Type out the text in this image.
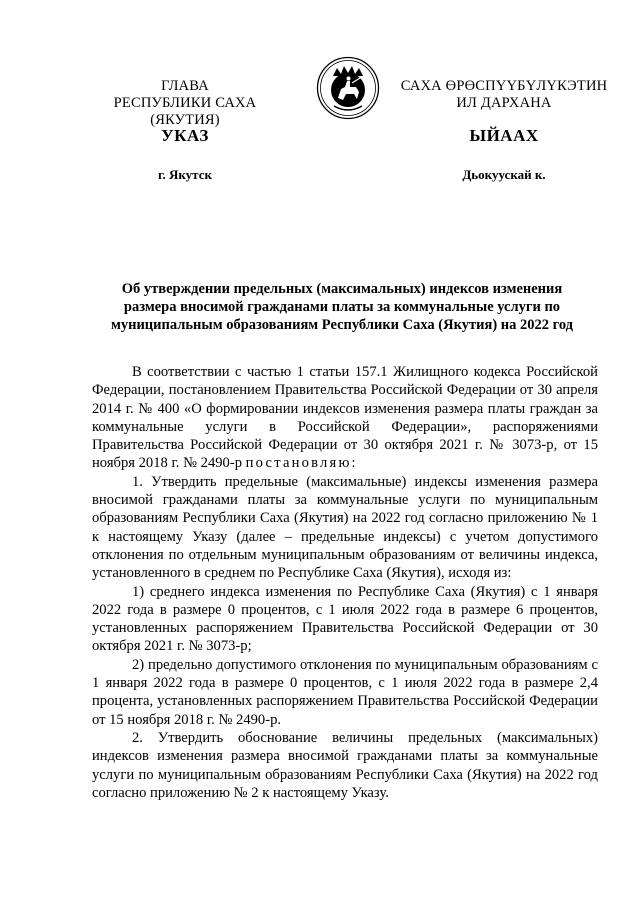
ГЛАВА
РЕСПУБЛИКИ САХА (ЯКУТИЯ)
САХА ӨРӨСПҮҮБҮЛҮКЭТИН
ИЛ ДАРХАНА
УКАЗ	ЫЙААХ
г. Якутск	Дьокуускай к.
Об утверждении предельных (максимальных) индексов изменения
размера вносимой гражданами платы за коммунальные услуги по
муниципальным образованиям Республики Саха (Якутия) на 2022 год

В соответствии с частью 1 статьи 157.1 Жилищного кодекса Российской Федерации, постановлением Правительства Российской Федерации от 30 апреля 2014 г. № 400 «О формировании индексов изменения размера платы граждан за коммунальные услуги в Российской Федерации», распоряжениями Правительства Российской Федерации от 30 октября 2021 г. № 3073-р, от 15 ноября 2018 г. № 2490-р постановляю:

1. Утвердить предельные (максимальные) индексы изменения размера вносимой гражданами платы за коммунальные услуги по муниципальным образованиям Республики Саха (Якутия) на 2022 год согласно приложению № 1 к настоящему Указу (далее – предельные индексы) с учетом допустимого отклонения по отдельным муниципальным образованиям от величины индекса, установленного в среднем по Республике Саха (Якутия), исходя из:

1) среднего индекса изменения по Республике Саха (Якутия) с 1 января 2022 года в размере 0 процентов, с 1 июля 2022 года в размере 6 процентов, установленных распоряжением Правительства Российской Федерации от 30 октября 2021 г. № 3073-р;

2) предельно допустимого отклонения по муниципальным образованиям с 1 января 2022 года в размере 0 процентов, с 1 июля 2022 года в размере 2,4 процента, установленных распоряжением Правительства Российской Федерации от 15 ноября 2018 г. № 2490-р.

2. Утвердить обоснование величины предельных (максимальных) индексов изменения размера вносимой гражданами платы за коммунальные услуги по муниципальным образованиям Республики Саха (Якутия) на 2022 год согласно приложению № 2 к настоящему Указу.
